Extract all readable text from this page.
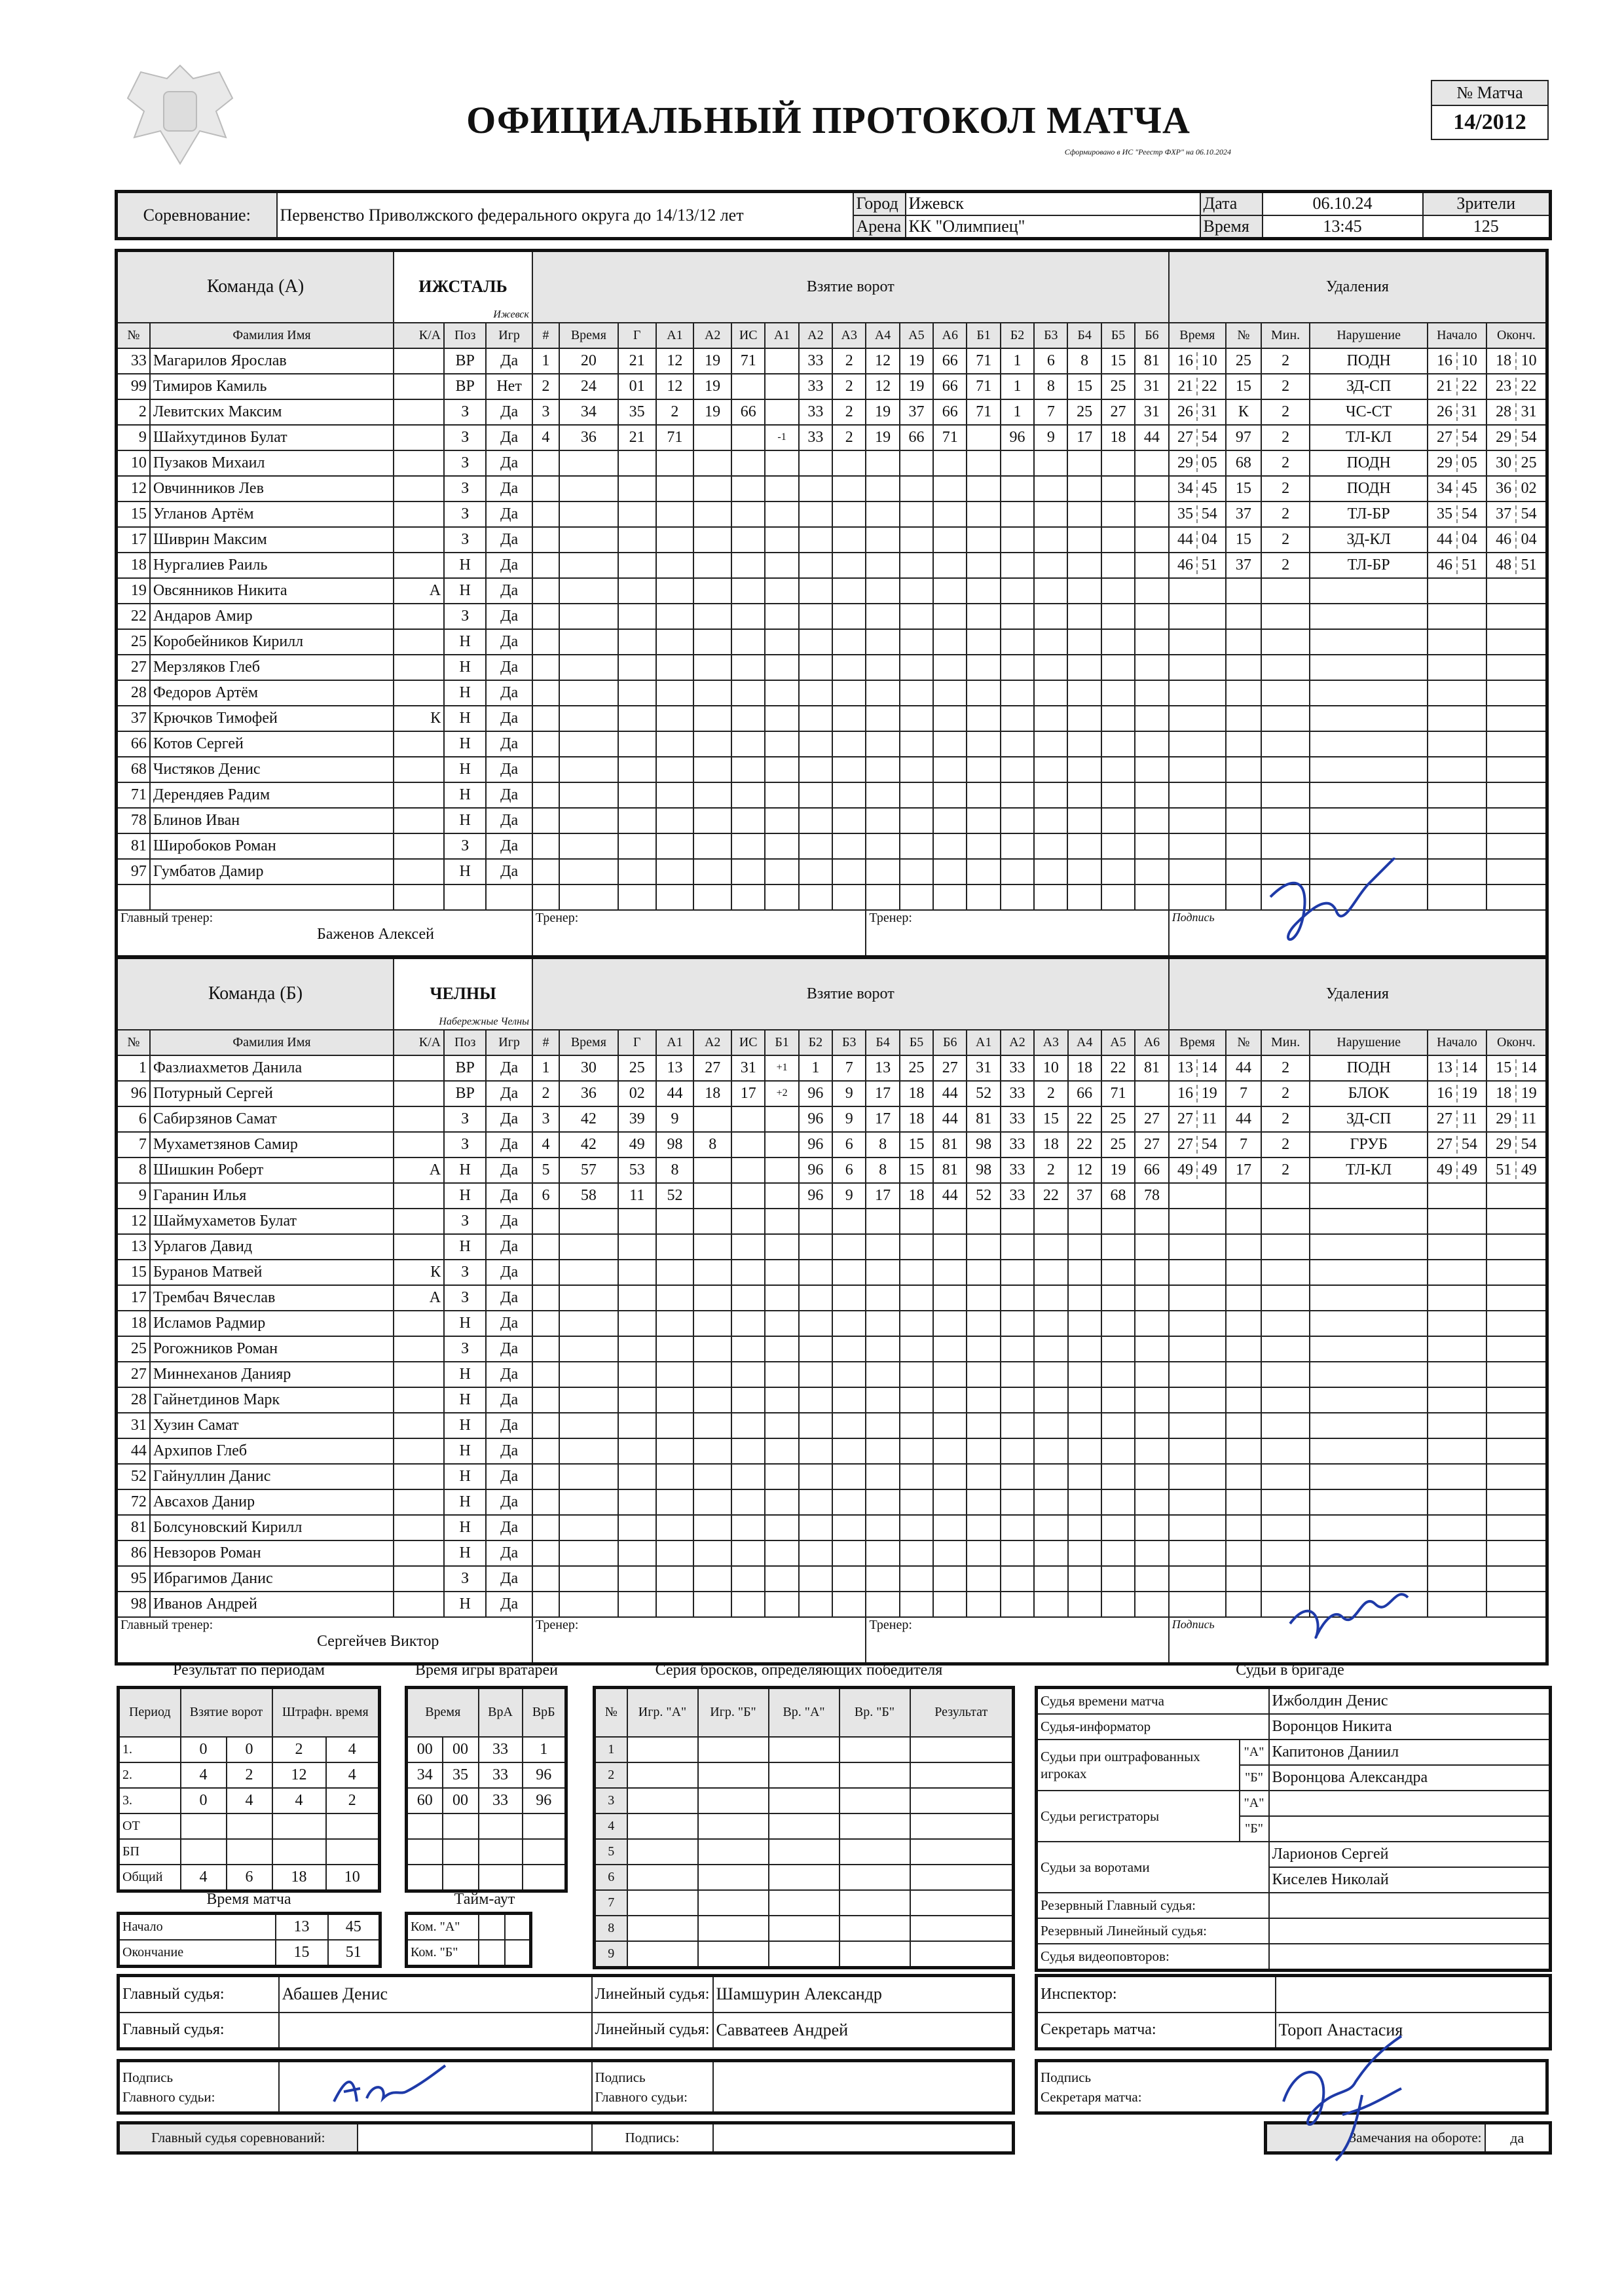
ОФИЦИАЛЬНЫЙ ПРОТОКОЛ МАТЧА
Сформировано в ИС "Реестр ФХР" на 06.10.2024
№ Матча
14/2012
Соревнование:	Первенство Приволжского федерального округа до 14/13/12 лет	Город	Ижевск	Дата	06.10.24	Зрители
		Арена	КК "Олимпиец"	Время	13:45	125
Команда (А)		ИЖСТАЛЬ
Ижевск			Взятие ворот																		Удаления					
№	Фамилия Имя	К/А	Поз	Игр	#	Время	Г	А1	А2	ИС	А1	А2	А3	А4	А5	А6	Б1	Б2	Б3	Б4	Б5	Б6	Время	№	Мин.	Нарушение	Начало	Оконч.
33	Магарилов Ярослав		ВР	Да	1	20	21	12	19	71		33	2	12	19	66	71	1	6	8	15	81	16 10	25	2	ПОДН	16 10	18 10
99	Тимиров Камиль		ВР	Нет	2	24	01	12	19			33	2	12	19	66	71	1	8	15	25	31	21 22	15	2	ЗД-СП	21 22	23 22
2	Левитских Максим		З	Да	3	34	35	2	19	66		33	2	19	37	66	71	1	7	25	27	31	26 31	К	2	ЧС-СТ	26 31	28 31
9	Шайхутдинов Булат		З	Да	4	36	21	71			-1	33	2	19	66	71		96	9	17	18	44	27 54	97	2	ТЛ-КЛ	27 54	29 54
10	Пузаков Михаил		З	Да																			29 05	68	2	ПОДН	29 05	30 25
12	Овчинников Лев		З	Да																			34 45	15	2	ПОДН	34 45	36 02
15	Угланов Артём		З	Да																			35 54	37	2	ТЛ-БР	35 54	37 54
17	Шиврин Максим		З	Да																			44 04	15	2	ЗД-КЛ	44 04	46 04
18	Нургалиев Раиль		Н	Да																			46 51	37	2	ТЛ-БР	46 51	48 51
19	Овсянников Никита	А	Н	Да																								
22	Андаров Амир		З	Да																								
25	Коробейников Кирилл		Н	Да																								
27	Мерзляков Глеб		Н	Да																								
28	Федоров Артём		Н	Да																								
37	Крючков Тимофей	К	Н	Да																								
66	Котов Сергей		Н	Да																								
68	Чистяков Денис		Н	Да																								
71	Дерендяев Радим		Н	Да																								
78	Блинов Иван		Н	Да																								
81	Широбоков Роман		З	Да																								
97	Гумбатов Дамир		Н	Да																								

Главный тренер:
Баженов Алексей					Тренер:									Тренер:									Подпись					
Команда (Б)		ЧЕЛНЫ
Набережные Челны			Взятие ворот																		Удаления					
№	Фамилия Имя	К/А	Поз	Игр	#	Время	Г	А1	А2	ИС	Б1	Б2	Б3	Б4	Б5	Б6	А1	А2	А3	А4	А5	А6	Время	№	Мин.	Нарушение	Начало	Оконч.
1	Фазлиахметов Данила		ВР	Да	1	30	25	13	27	31	+1	1	7	13	25	27	31	33	10	18	22	81	13 14	44	2	ПОДН	13 14	15 14
96	Потурный Сергей		ВР	Да	2	36	02	44	18	17	+2	96	9	17	18	44	52	33	2	66	71		16 19	7	2	БЛОК	16 19	18 19
6	Сабирзянов Самат		З	Да	3	42	39	9				96	9	17	18	44	81	33	15	22	25	27	27 11	44	2	ЗД-СП	27 11	29 11
7	Мухаметзянов Самир		З	Да	4	42	49	98	8			96	6	8	15	81	98	33	18	22	25	27	27 54	7	2	ГРУБ	27 54	29 54
8	Шишкин Роберт	А	Н	Да	5	57	53	8				96	6	8	15	81	98	33	2	12	19	66	49 49	17	2	ТЛ-КЛ	49 49	51 49
9	Гаранин Илья		Н	Да	6	58	11	52				96	9	17	18	44	52	33	22	37	68	78						
12	Шаймухаметов Булат		З	Да																								
13	Урлагов Давид		Н	Да																								
15	Буранов Матвей	К	З	Да																								
17	Трембач Вячеслав	А	З	Да																								
18	Исламов Радмир		Н	Да																								
25	Рогожников Роман		З	Да																								
27	Миннеханов Данияр		Н	Да																								
28	Гайнетдинов Марк		Н	Да																								
31	Хузин Самат		Н	Да																								
44	Архипов Глеб		Н	Да																								
52	Гайнуллин Данис		Н	Да																								
72	Авсахов Данир		Н	Да																								
81	Болсуновский Кирилл		Н	Да																								
86	Невзоров Роман		Н	Да																								
95	Ибрагимов Данис		З	Да																								
98	Иванов Андрей		Н	Да																								

Главный тренер:
Сергейчев Виктор					Тренер:									Тренер:									Подпись					
Результат по периодам	Время игры вратарей	Серия бросков, определяющих победителя	Судьи в бригаде
Период	Взятие ворот		Штрафн. время	
1.	0	0	2	4
2.	4	2	12	4
3.	0	4	4	2
ОТ				
БП				
Общий	4	6	18	10
Время		ВрА	ВрБ
00	00	33	1
34	35	33	96
60	00	33	96

№	Игр. "А"	Игр. "Б"	Вр. "А"	Вр. "Б"	Результат
1					
2					
3					
4					
5					
6					
7					
8					
9					
Время матча
Начало	13	45
Окончание	15	51
Тайм-аут
Ком. "А"		
Ком. "Б"		
Судья времени матча		Ижболдин Денис
Судья-информатор		Воронцов Никита
Судьи при оштрафованных игроках	"А"	Капитонов Даниил
	"Б"	Воронцова Александра
Судьи регистраторы	"А"	
	"Б"	
Судьи за воротами		Ларионов Сергей
		Киселев Николай
Резервный Главный судья:		
Резервный Линейный судья:		
Судья видеоповторов:		
Главный судья:	Абашев Денис	Линейный судья:	Шамшурин Александр
Главный судья:		Линейный судья:	Савватеев Андрей
Инспектор:	
Секретарь матча:	Тороп Анастасия
Подпись
Главного судьи:		Подпись
Главного судьи:	
Подпись
Секретаря матча:
Главный судья соревнований:		Подпись:		Замечания на обороте:	да
